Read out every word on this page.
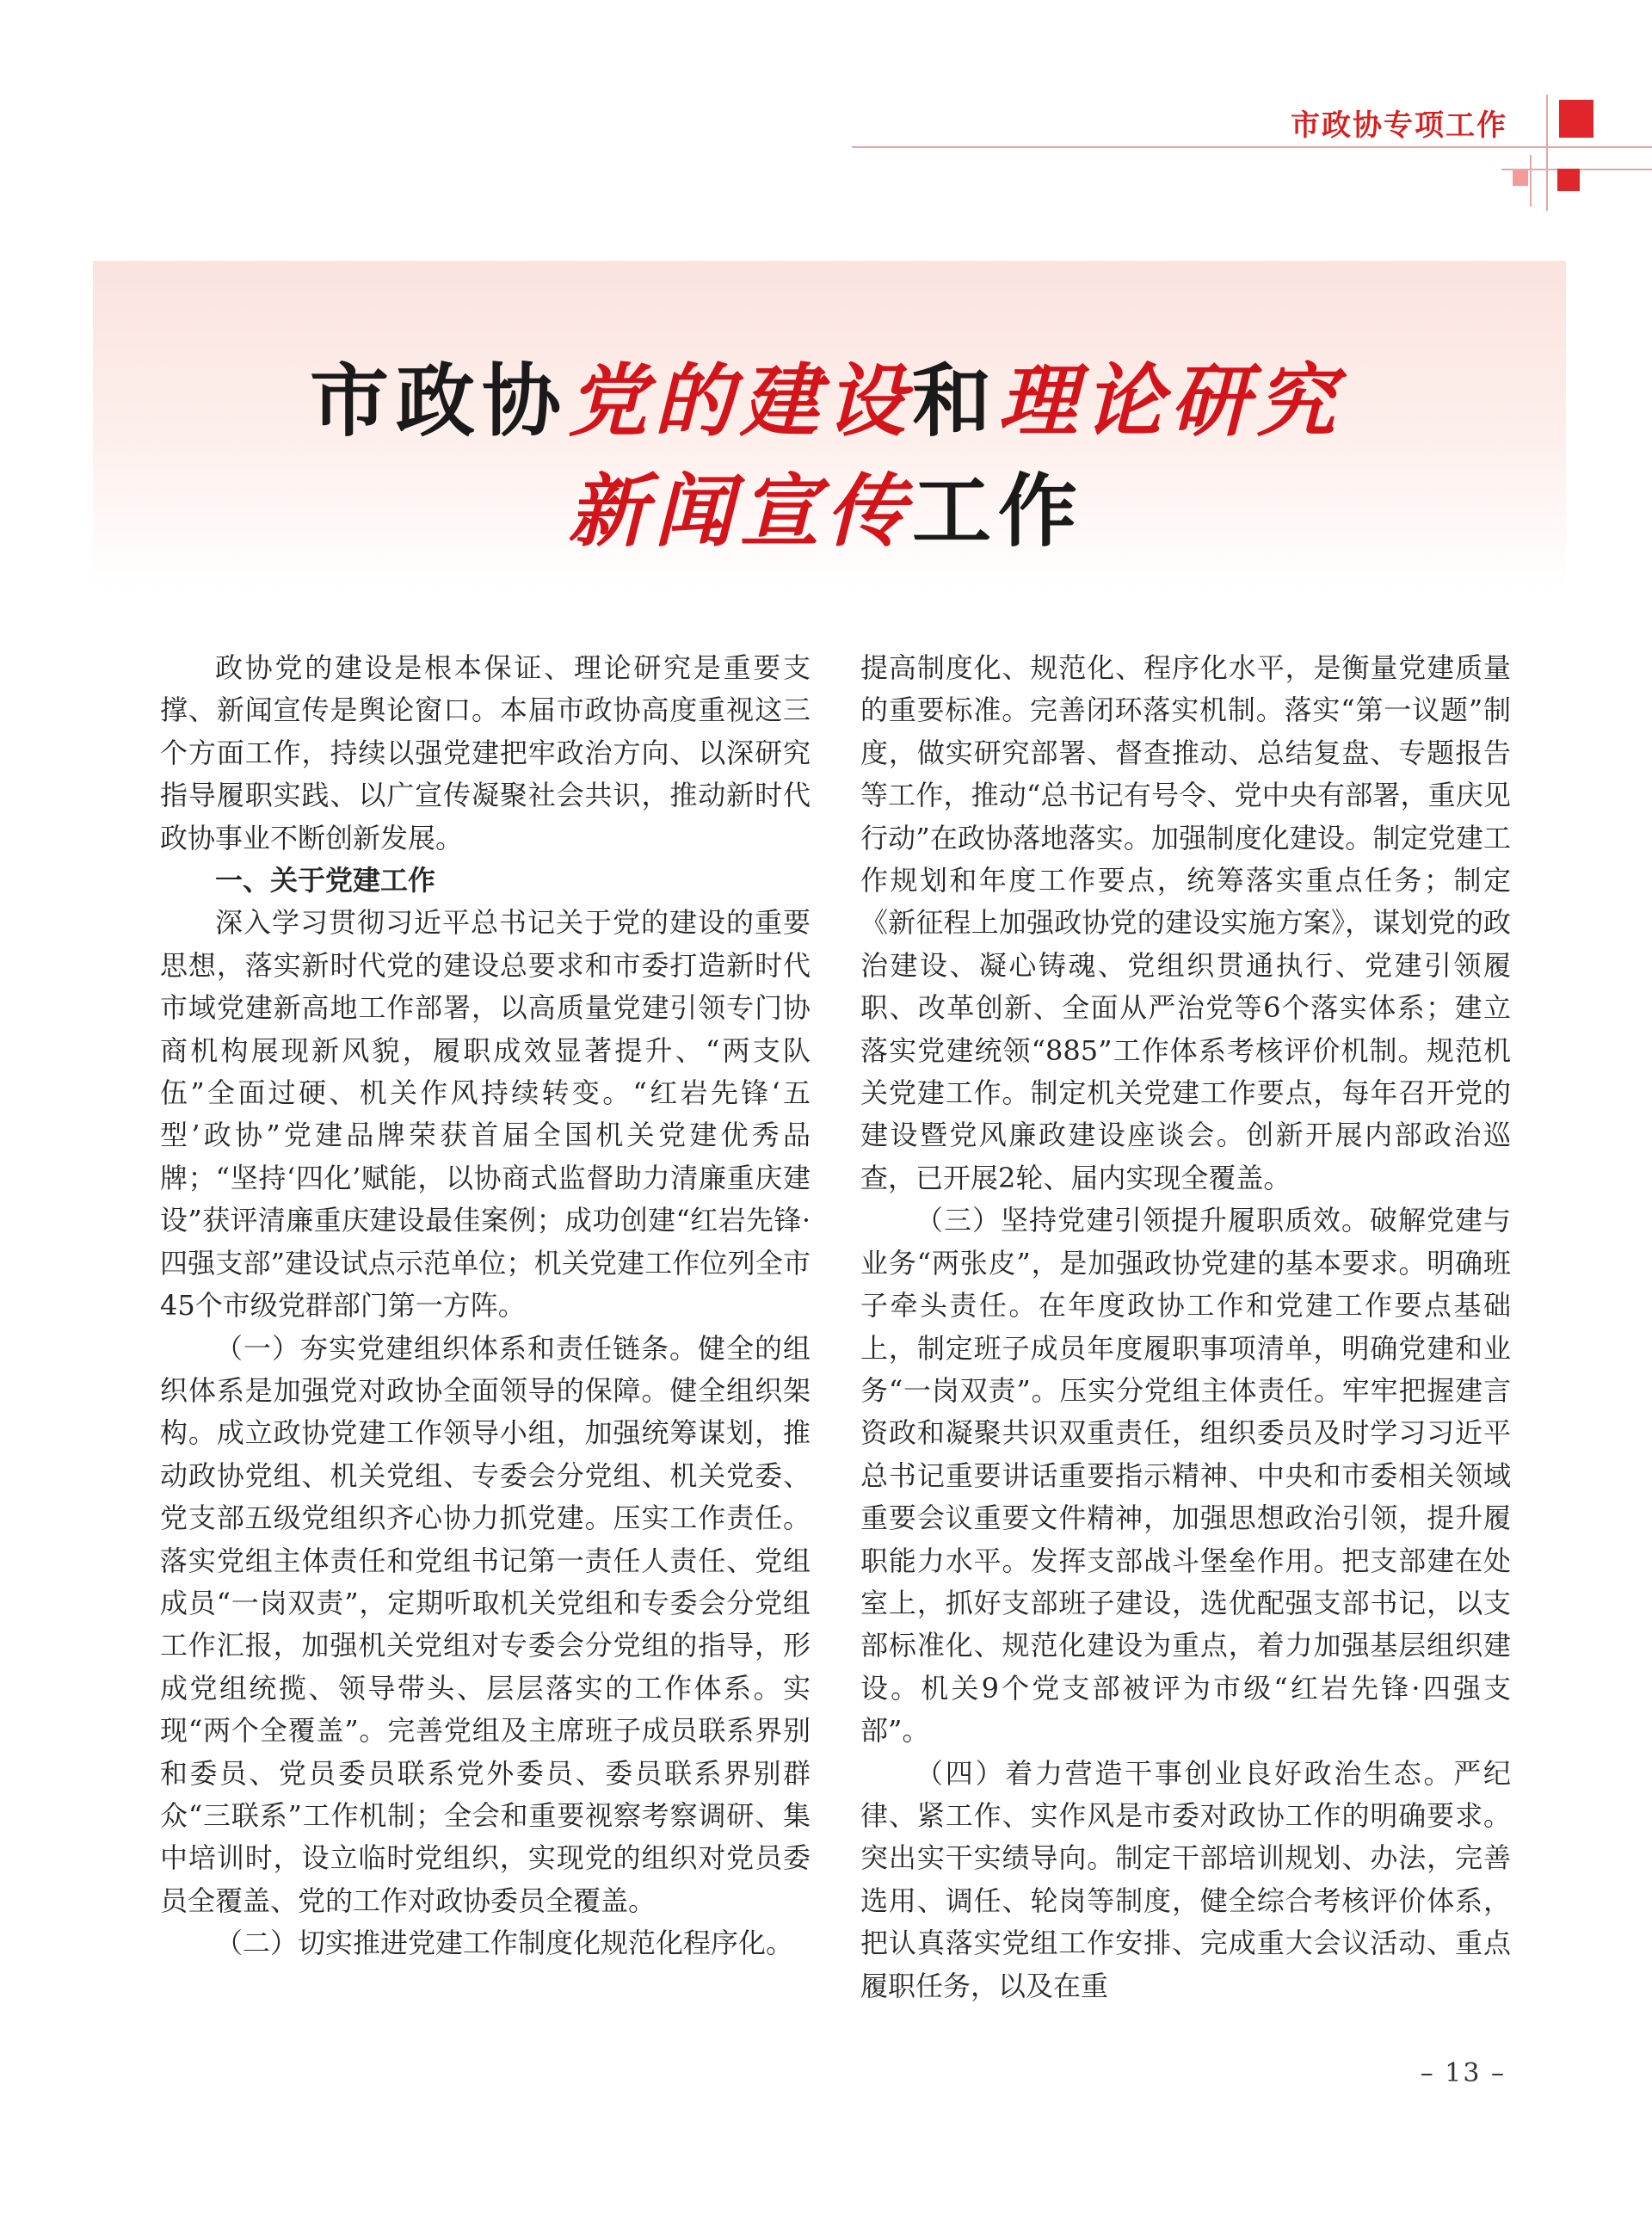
市政协专项工作
市政协党的建设和理论研究
新闻宣传工作

政协党的建设是根本保证、理论研究是重要支撑、新闻宣传是舆论窗口。本届市政协高度重视这三个方面工作，持续以强党建把牢政治方向、以深研究指导履职实践、以广宣传凝聚社会共识，推动新时代政协事业不断创新发展。

一、关于党建工作

深入学习贯彻习近平总书记关于党的建设的重要思想，落实新时代党的建设总要求和市委打造新时代市域党建新高地工作部署，以高质量党建引领专门协商机构展现新风貌，履职成效显著提升、“两支队伍”全面过硬、机关作风持续转变。“红岩先锋‘五型’政协”党建品牌荣获首届全国机关党建优秀品牌；“坚持‘四化’赋能，以协商式监督助力清廉重庆建设”获评清廉重庆建设最佳案例；成功创建“红岩先锋·四强支部”建设试点示范单位；机关党建工作位列全市45个市级党群部门第一方阵。

（一）夯实党建组织体系和责任链条。健全的组织体系是加强党对政协全面领导的保障。健全组织架构。成立政协党建工作领导小组，加强统筹谋划，推动政协党组、机关党组、专委会分党组、机关党委、党支部五级党组织齐心协力抓党建。压实工作责任。落实党组主体责任和党组书记第一责任人责任、党组成员“一岗双责”，定期听取机关党组和专委会分党组工作汇报，加强机关党组对专委会分党组的指导，形成党组统揽、领导带头、层层落实的工作体系。实现“两个全覆盖”。完善党组及主席班子成员联系界别和委员、党员委员联系党外委员、委员联系界别群众“三联系”工作机制；全会和重要视察考察调研、集中培训时，设立临时党组织，实现党的组织对党员委员全覆盖、党的工作对政协委员全覆盖。

（二）切实推进党建工作制度化规范化程序化。

提高制度化、规范化、程序化水平，是衡量党建质量的重要标准。完善闭环落实机制。落实“第一议题”制度，做实研究部署、督查推动、总结复盘、专题报告等工作，推动“总书记有号令、党中央有部署，重庆见行动”在政协落地落实。加强制度化建设。制定党建工作规划和年度工作要点，统筹落实重点任务；制定《新征程上加强政协党的建设实施方案》，谋划党的政治建设、凝心铸魂、党组织贯通执行、党建引领履职、改革创新、全面从严治党等6个落实体系；建立落实党建统领“885”工作体系考核评价机制。规范机关党建工作。制定机关党建工作要点，每年召开党的建设暨党风廉政建设座谈会。创新开展内部政治巡查，已开展2轮、届内实现全覆盖。

（三）坚持党建引领提升履职质效。破解党建与业务“两张皮”，是加强政协党建的基本要求。明确班子牵头责任。在年度政协工作和党建工作要点基础上，制定班子成员年度履职事项清单，明确党建和业务“一岗双责”。压实分党组主体责任。牢牢把握建言资政和凝聚共识双重责任，组织委员及时学习习近平总书记重要讲话重要指示精神、中央和市委相关领域重要会议重要文件精神，加强思想政治引领，提升履职能力水平。发挥支部战斗堡垒作用。把支部建在处室上，抓好支部班子建设，选优配强支部书记，以支部标准化、规范化建设为重点，着力加强基层组织建设。机关9个党支部被评为市级“红岩先锋·四强支部”。

（四）着力营造干事创业良好政治生态。严纪律、紧工作、实作风是市委对政协工作的明确要求。突出实干实绩导向。制定干部培训规划、办法，完善选用、调任、轮岗等制度，健全综合考核评价体系，把认真落实党组工作安排、完成重大会议活动、重点履职任务，以及在重

– 13 –
